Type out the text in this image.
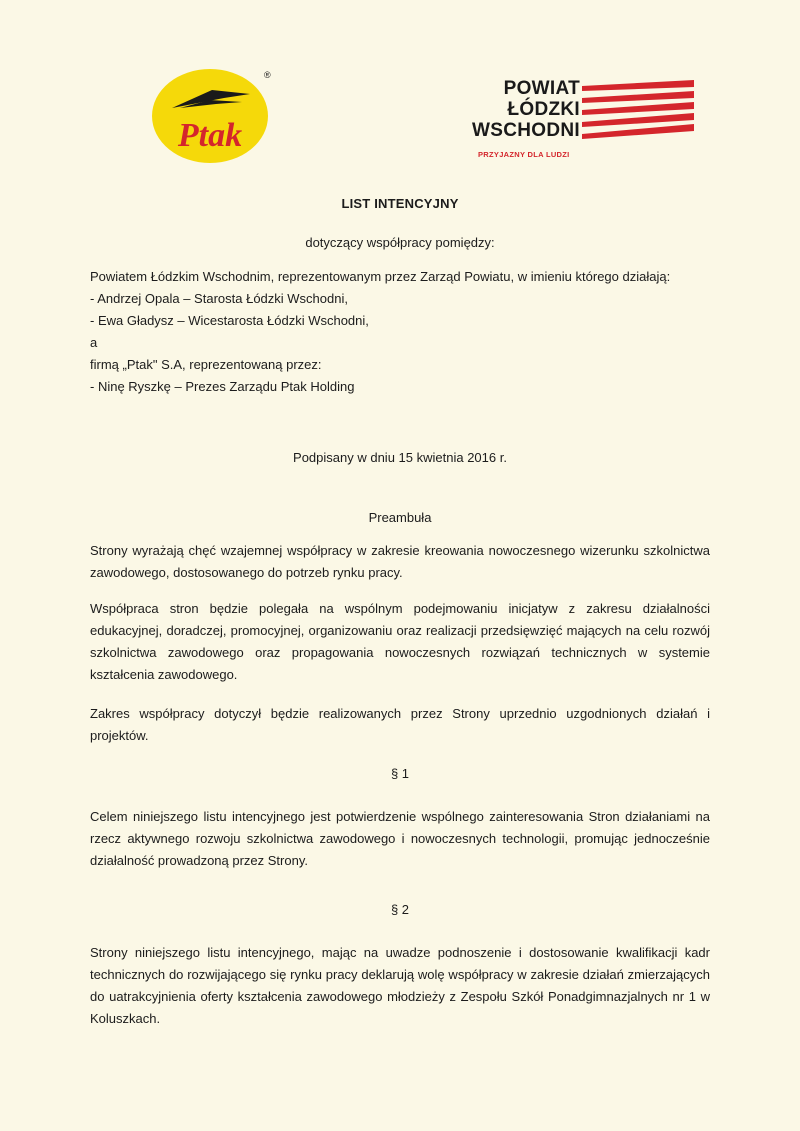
Ptak
®
POWIAT
ŁÓDZKI
WSCHODNI
PRZYJAZNY DLA LUDZI
LIST INTENCYJNY
dotyczący współpracy pomiędzy:

Powiatem Łódzkim Wschodnim, reprezentowanym przez Zarząd Powiatu, w imieniu którego działają:

- Andrzej Opala – Starosta Łódzki Wschodni,

- Ewa Gładysz – Wicestarosta Łódzki Wschodni,

a

firmą „Ptak" S.A, reprezentowaną przez:

- Ninę Ryszkę – Prezes Zarządu Ptak Holding

Podpisany w dniu 15 kwietnia 2016 r.
Preambuła
Strony wyrażają chęć wzajemnej współpracy w zakresie kreowania nowoczesnego wizerunku szkolnictwa zawodowego, dostosowanego do potrzeb rynku pracy.
Współpraca stron będzie polegała na wspólnym podejmowaniu inicjatyw z zakresu działalności edukacyjnej, doradczej, promocyjnej, organizowaniu oraz realizacji przedsięwzięć mających na celu rozwój szkolnictwa zawodowego oraz propagowania nowoczesnych rozwiązań technicznych w systemie kształcenia zawodowego.
Zakres współpracy dotyczył będzie realizowanych przez Strony uprzednio uzgodnionych działań i projektów.
§ 1
Celem niniejszego listu intencyjnego jest potwierdzenie wspólnego zainteresowania Stron działaniami na rzecz aktywnego rozwoju szkolnictwa zawodowego i nowoczesnych technologii, promując jednocześnie działalność prowadzoną przez Strony.
§ 2
Strony niniejszego listu intencyjnego, mając na uwadze podnoszenie i dostosowanie kwalifikacji kadr technicznych do rozwijającego się rynku pracy deklarują wolę współpracy w zakresie działań zmierzających do uatrakcyjnienia oferty kształcenia zawodowego młodzieży z Zespołu Szkół Ponadgimnazjalnych nr 1 w Koluszkach.
